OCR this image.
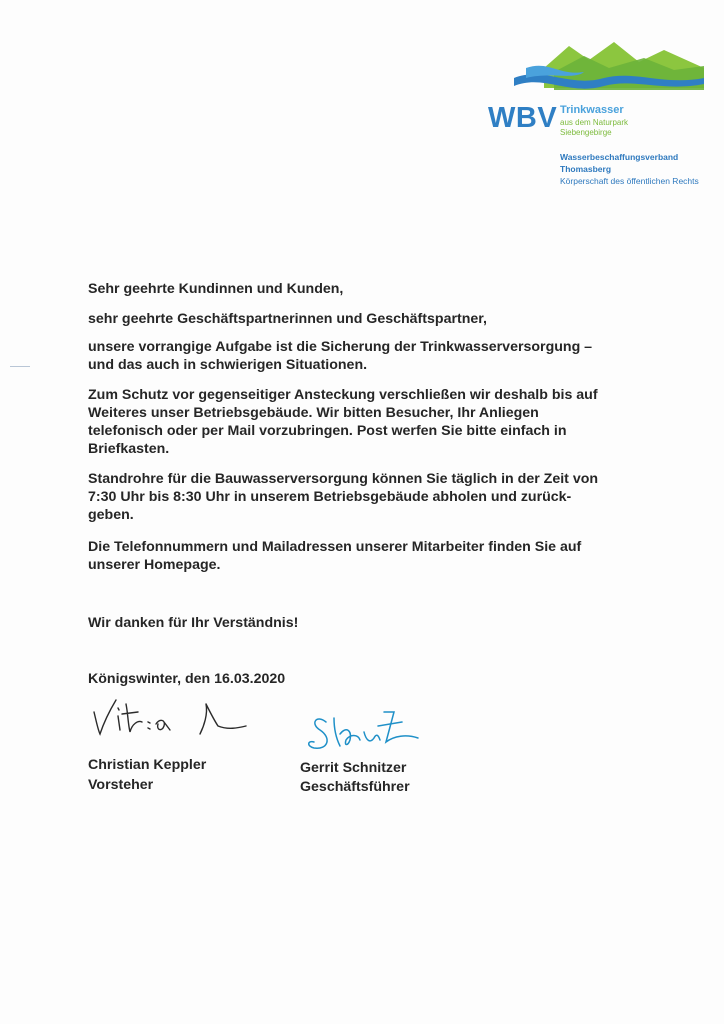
WBV Trinkwasser
aus dem Naturpark
Siebengebirge
Wasserbeschaffungsverband
Thomasberg
Körperschaft des öffentlichen Rechts

Sehr geehrte Kundinnen und Kunden,

sehr geehrte Geschäftspartnerinnen und Geschäftspartner,

unsere vorrangige Aufgabe ist die Sicherung der Trinkwasserversorgung –
und das auch in schwierigen Situationen.

Zum Schutz vor gegenseitiger Ansteckung verschließen wir deshalb bis auf
Weiteres unser Betriebsgebäude. Wir bitten Besucher, Ihr Anliegen
telefonisch oder per Mail vorzubringen. Post werfen Sie bitte einfach in
Briefkasten.

Standrohre für die Bauwasserversorgung können Sie täglich in der Zeit von
7:30 Uhr bis 8:30 Uhr in unserem Betriebsgebäude abholen und zurück-
geben.

Die Telefonnummern und Mailadressen unserer Mitarbeiter finden Sie auf
unserer Homepage.

Wir danken für Ihr Verständnis!

Königswinter, den 16.03.2020

Christian Keppler
Vorsteher
Gerrit Schnitzer
Geschäftsführer
